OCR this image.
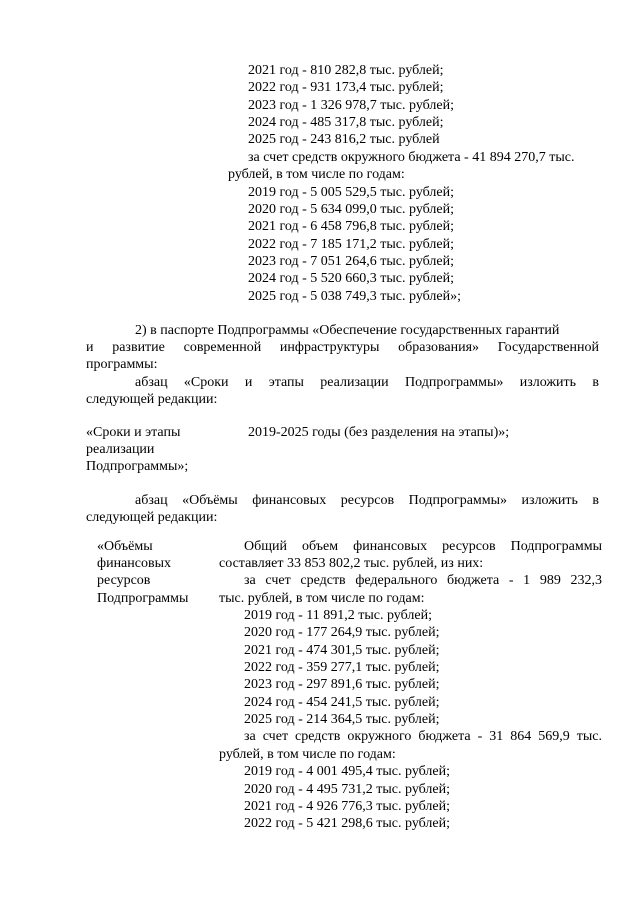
2021 год - 810 282,8 тыс. рублей;
2022 год - 931 173,4 тыс. рублей;
2023 год - 1 326 978,7 тыс. рублей;
2024 год - 485 317,8 тыс. рублей;
2025 год - 243 816,2 тыс. рублей
за счет средств окружного бюджета - 41 894 270,7 тыс.
рублей, в том числе по годам:
2019 год - 5 005 529,5 тыс. рублей;
2020 год - 5 634 099,0 тыс. рублей;
2021 год - 6 458 796,8 тыс. рублей;
2022 год - 7 185 171,2 тыс. рублей;
2023 год - 7 051 264,6 тыс. рублей;
2024 год - 5 520 660,3 тыс. рублей;
2025 год - 5 038 749,3 тыс. рублей»;
2) в паспорте Подпрограммы «Обеспечение государственных гарантий
и развитие современной инфраструктуры образования» Государственной
программы:
абзац «Сроки и этапы реализации Подпрограммы» изложить в
следующей редакции:
«Сроки и этапы
реализации
Подпрограммы»;
2019-2025 годы (без разделения на этапы)»;
абзац «Объёмы финансовых ресурсов Подпрограммы» изложить в
следующей редакции:
«Объёмы
финансовых
ресурсов
Подпрограммы
Общий объем финансовых ресурсов Подпрограммы
составляет 33 853 802,2 тыс. рублей, из них:
за счет средств федерального бюджета - 1 989 232,3
тыс. рублей, в том числе по годам:
2019 год - 11 891,2 тыс. рублей;
2020 год - 177 264,9 тыс. рублей;
2021 год - 474 301,5 тыс. рублей;
2022 год - 359 277,1 тыс. рублей;
2023 год - 297 891,6 тыс. рублей;
2024 год - 454 241,5 тыс. рублей;
2025 год - 214 364,5 тыс. рублей;
за счет средств окружного бюджета - 31 864 569,9 тыс.
рублей, в том числе по годам:
2019 год - 4 001 495,4 тыс. рублей;
2020 год - 4 495 731,2 тыс. рублей;
2021 год - 4 926 776,3 тыс. рублей;
2022 год - 5 421 298,6 тыс. рублей;
